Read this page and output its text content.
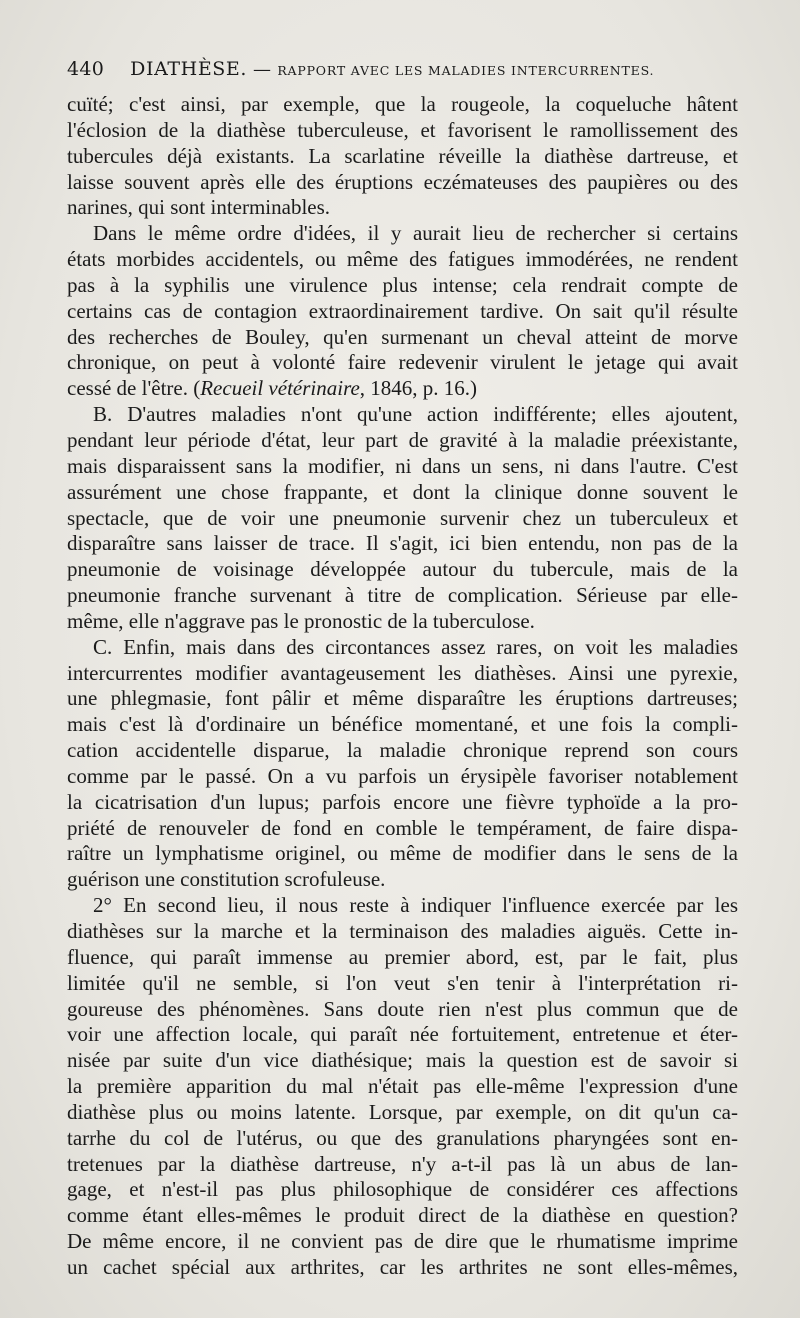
440 DIATHÈSE. — RAPPORT AVEC LES MALADIES INTERCURRENTES.
cuïté; c'est ainsi, par exemple, que la rougeole, la coqueluche hâtent
l'éclosion de la diathèse tuberculeuse, et favorisent le ramollissement des
tubercules déjà existants. La scarlatine réveille la diathèse dartreuse, et
laisse souvent après elle des éruptions eczémateuses des paupières ou des
narines, qui sont interminables.
Dans le même ordre d'idées, il y aurait lieu de rechercher si certains
états morbides accidentels, ou même des fatigues immodérées, ne rendent
pas à la syphilis une virulence plus intense; cela rendrait compte de
certains cas de contagion extraordinairement tardive. On sait qu'il résulte
des recherches de Bouley, qu'en surmenant un cheval atteint de morve
chronique, on peut à volonté faire redevenir virulent le jetage qui avait
cessé de l'être. (Recueil vétérinaire, 1846, p. 16.)
B. D'autres maladies n'ont qu'une action indifférente; elles ajoutent,
pendant leur période d'état, leur part de gravité à la maladie préexistante,
mais disparaissent sans la modifier, ni dans un sens, ni dans l'autre. C'est
assurément une chose frappante, et dont la clinique donne souvent le
spectacle, que de voir une pneumonie survenir chez un tuberculeux et
disparaître sans laisser de trace. Il s'agit, ici bien entendu, non pas de la
pneumonie de voisinage développée autour du tubercule, mais de la
pneumonie franche survenant à titre de complication. Sérieuse par elle-
même, elle n'aggrave pas le pronostic de la tuberculose.
C. Enfin, mais dans des circontances assez rares, on voit les maladies
intercurrentes modifier avantageusement les diathèses. Ainsi une pyrexie,
une phlegmasie, font pâlir et même disparaître les éruptions dartreuses;
mais c'est là d'ordinaire un bénéfice momentané, et une fois la compli-
cation accidentelle disparue, la maladie chronique reprend son cours
comme par le passé. On a vu parfois un érysipèle favoriser notablement
la cicatrisation d'un lupus; parfois encore une fièvre typhoïde a la pro-
priété de renouveler de fond en comble le tempérament, de faire dispa-
raître un lymphatisme originel, ou même de modifier dans le sens de la
guérison une constitution scrofuleuse.
2° En second lieu, il nous reste à indiquer l'influence exercée par les
diathèses sur la marche et la terminaison des maladies aiguës. Cette in-
fluence, qui paraît immense au premier abord, est, par le fait, plus
limitée qu'il ne semble, si l'on veut s'en tenir à l'interprétation ri-
goureuse des phénomènes. Sans doute rien n'est plus commun que de
voir une affection locale, qui paraît née fortuitement, entretenue et éter-
nisée par suite d'un vice diathésique; mais la question est de savoir si
la première apparition du mal n'était pas elle-même l'expression d'une
diathèse plus ou moins latente. Lorsque, par exemple, on dit qu'un ca-
tarrhe du col de l'utérus, ou que des granulations pharyngées sont en-
tretenues par la diathèse dartreuse, n'y a-t-il pas là un abus de lan-
gage, et n'est-il pas plus philosophique de considérer ces affections
comme étant elles-mêmes le produit direct de la diathèse en question?
De même encore, il ne convient pas de dire que le rhumatisme imprime
un cachet spécial aux arthrites, car les arthrites ne sont elles-mêmes,
